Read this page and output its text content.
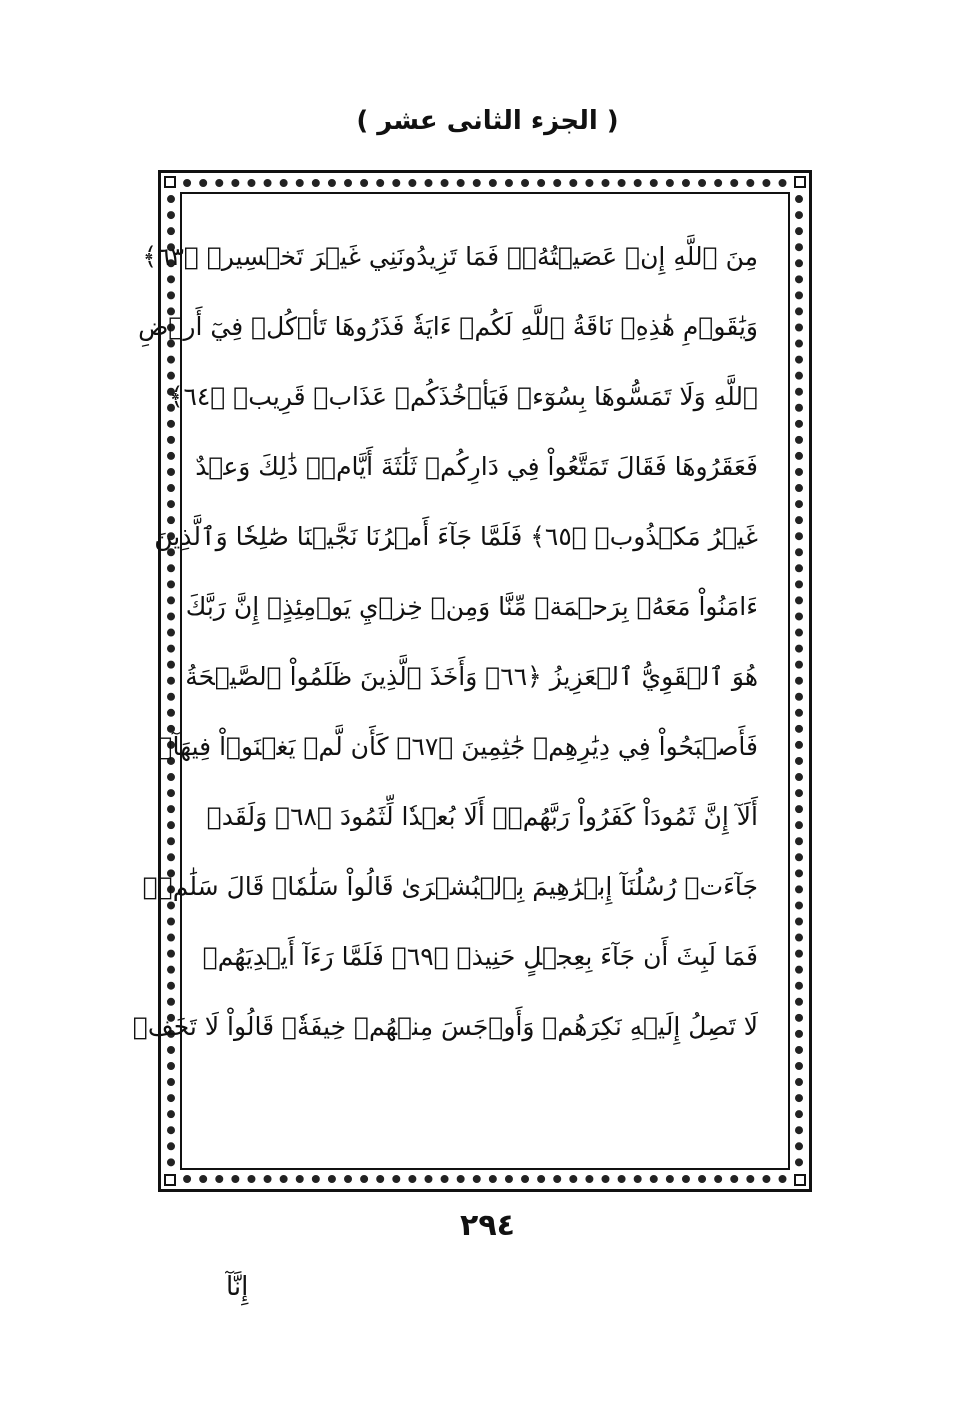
( الجزء الثانى عشر )
مِنَ ٱللَّهِ إِنۡ عَصَيۡتُهُۥۖ فَمَا تَزِيدُونَنِي غَيۡرَ تَخۡسِيرٖ ﴿٦٣﴾
وَيَٰقَوۡمِ هَٰذِهِۦ نَاقَةُ ٱللَّهِ لَكُمۡ ءَايَةٗ فَذَرُوهَا تَأۡكُلۡ فِيٓ أَرۡضِ
ٱللَّهِ وَلَا تَمَسُّوهَا بِسُوٓءٖ فَيَأۡخُذَكُمۡ عَذَابٞ قَرِيبٞ ﴿٦٤﴾
فَعَقَرُوهَا فَقَالَ تَمَتَّعُواْ فِي دَارِكُمۡ ثَلَٰثَةَ أَيَّامٖۖ ذَٰلِكَ وَعۡدٌ
غَيۡرُ مَكۡذُوبٖ ﴿٦٥﴾ فَلَمَّا جَآءَ أَمۡرُنَا نَجَّيۡنَا صَٰلِحٗا وَٱلَّذِينَ
ءَامَنُواْ مَعَهُۥ بِرَحۡمَةٖ مِّنَّا وَمِنۡ خِزۡيِ يَوۡمِئِذٍۚ إِنَّ رَبَّكَ
هُوَ ٱلۡقَوِيُّ ٱلۡعَزِيزُ ﴿٦٦﴾ وَأَخَذَ ٱلَّذِينَ ظَلَمُواْ ٱلصَّيۡحَةُ
فَأَصۡبَحُواْ فِي دِيَٰرِهِمۡ جَٰثِمِينَ ﴿٦٧﴾ كَأَن لَّمۡ يَغۡنَوۡاْ فِيهَآۗ
أَلَآ إِنَّ ثَمُودَاْ كَفَرُواْ رَبَّهُمۡۗ أَلَا بُعۡدٗا لِّثَمُودَ ﴿٦٨﴾ وَلَقَدۡ
جَآءَتۡ رُسُلُنَآ إِبۡرَٰهِيمَ بِٱلۡبُشۡرَىٰ قَالُواْ سَلَٰمٗاۖ قَالَ سَلَٰمٞۖ
فَمَا لَبِثَ أَن جَآءَ بِعِجۡلٍ حَنِيذٖ ﴿٦٩﴾ فَلَمَّا رَءَآ أَيۡدِيَهُمۡ
لَا تَصِلُ إِلَيۡهِ نَكِرَهُمۡ وَأَوۡجَسَ مِنۡهُمۡ خِيفَةٗۚ قَالُواْ لَا تَخَفۡ
٢٩٤
إِنَّآ
